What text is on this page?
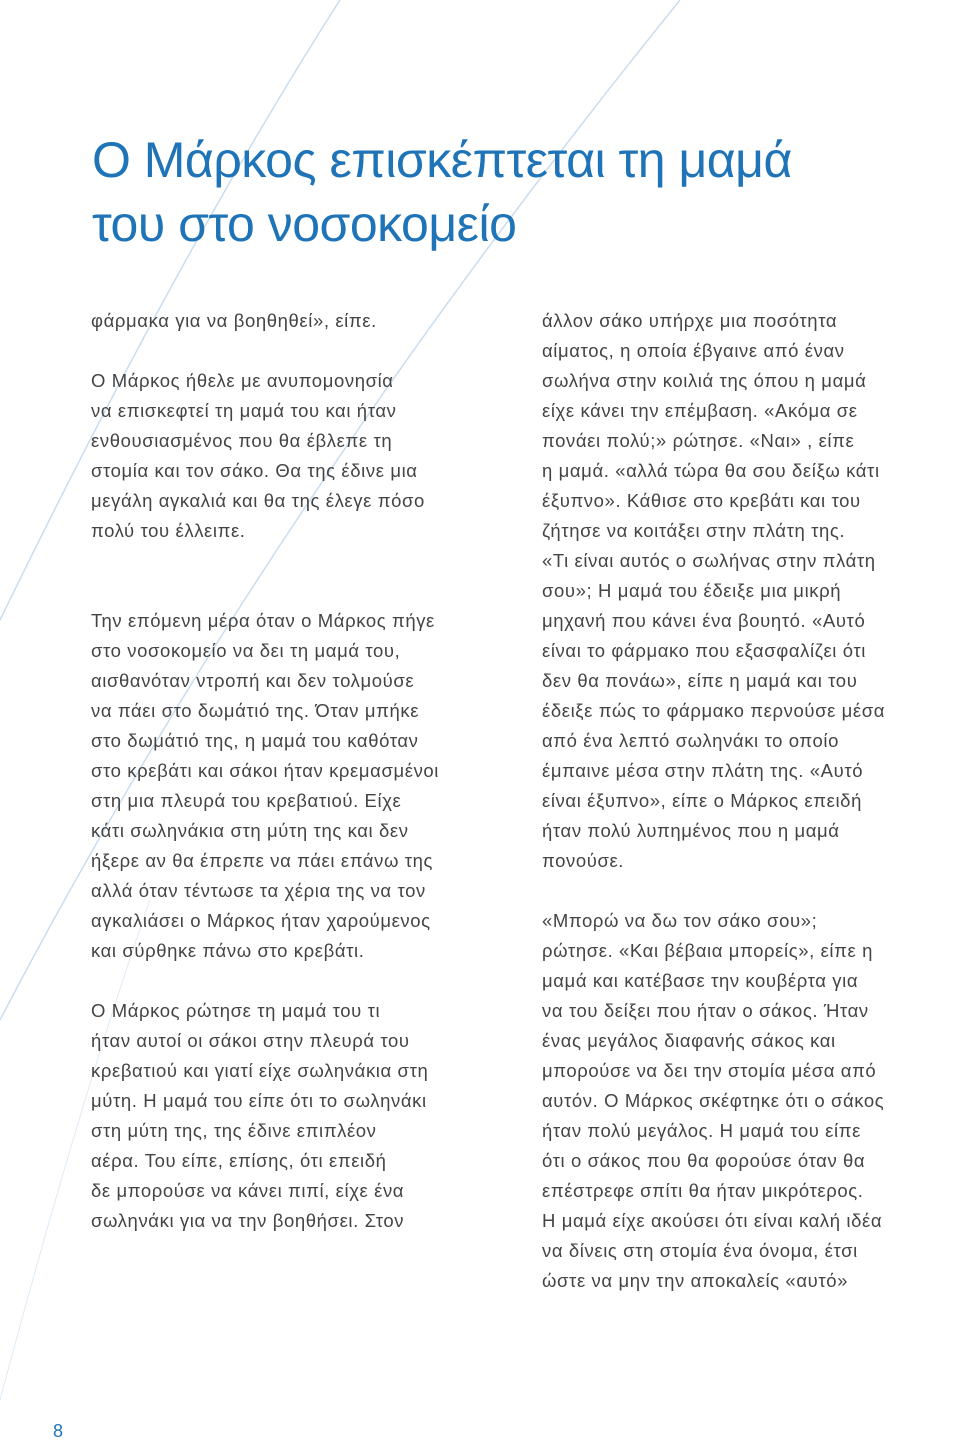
Ο Μάρκος επισκέπτεται τη μαμά
του στο νοσοκομείο
φάρμακα για να βοηθηθεί», είπε.
Ο Μάρκος ήθελε με ανυπομονησία
να επισκεφτεί τη μαμά του και ήταν
ενθουσιασμένος που θα έβλεπε τη
στομία και τον σάκο. Θα της έδινε μια
μεγάλη αγκαλιά και θα της έλεγε πόσο
πολύ του έλλειπε.
Την επόμενη μέρα όταν ο Μάρκος πήγε
στο νοσοκομείο να δει τη μαμά του,
αισθανόταν ντροπή και δεν τολμούσε
να πάει στο δωμάτιό της. Όταν μπήκε
στο δωμάτιό της, η μαμά του καθόταν
στο κρεβάτι και σάκοι ήταν κρεμασμένοι
στη μια πλευρά του κρεβατιού. Είχε
κάτι σωληνάκια στη μύτη της και δεν
ήξερε αν θα έπρεπε να πάει επάνω της
αλλά όταν τέντωσε τα χέρια της να τον
αγκαλιάσει ο Μάρκος ήταν χαρούμενος
και σύρθηκε πάνω στο κρεβάτι.
Ο Μάρκος ρώτησε τη μαμά του τι
ήταν αυτοί οι σάκοι στην πλευρά του
κρεβατιού και γιατί είχε σωληνάκια στη
μύτη. Η μαμά του είπε ότι το σωληνάκι
στη μύτη της, της έδινε επιπλέον
αέρα. Του είπε, επίσης, ότι επειδή
δε μπορούσε να κάνει πιπί, είχε ένα
σωληνάκι για να την βοηθήσει. Στον
άλλον σάκο υπήρχε μια ποσότητα
αίματος, η οποία έβγαινε από έναν
σωλήνα στην κοιλιά της όπου η μαμά
είχε κάνει την επέμβαση. «Ακόμα σε
πονάει πολύ;» ρώτησε. «Ναι» , είπε
η μαμά. «αλλά τώρα θα σου δείξω κάτι
έξυπνο». Κάθισε στο κρεβάτι και του
ζήτησε να κοιτάξει στην πλάτη της.
«Τι είναι αυτός ο σωλήνας στην πλάτη
σου»; Η μαμά του έδειξε μια μικρή
μηχανή που κάνει ένα βουητό. «Αυτό
είναι το φάρμακο που εξασφαλίζει ότι
δεν θα πονάω», είπε η μαμά και του
έδειξε πώς το φάρμακο περνούσε μέσα
από ένα λεπτό σωληνάκι το οποίο
έμπαινε μέσα στην πλάτη της. «Αυτό
είναι έξυπνο», είπε ο Μάρκος επειδή
ήταν πολύ λυπημένος που η μαμά
πονούσε.
«Μπορώ να δω τον σάκο σου»;
ρώτησε. «Και βέβαια μπορείς», είπε η
μαμά και κατέβασε την κουβέρτα για
να του δείξει που ήταν ο σάκος. Ήταν
ένας μεγάλος διαφανής σάκος και
μπορούσε να δει την στομία μέσα από
αυτόν. Ο Μάρκος σκέφτηκε ότι ο σάκος
ήταν πολύ μεγάλος. Η μαμά του είπε
ότι ο σάκος που θα φορούσε όταν θα
επέστρεφε σπίτι θα ήταν μικρότερος.
Η μαμά είχε ακούσει ότι είναι καλή ιδέα
να δίνεις στη στομία ένα όνομα, έτσι
ώστε να μην την αποκαλείς «αυτό»
8
